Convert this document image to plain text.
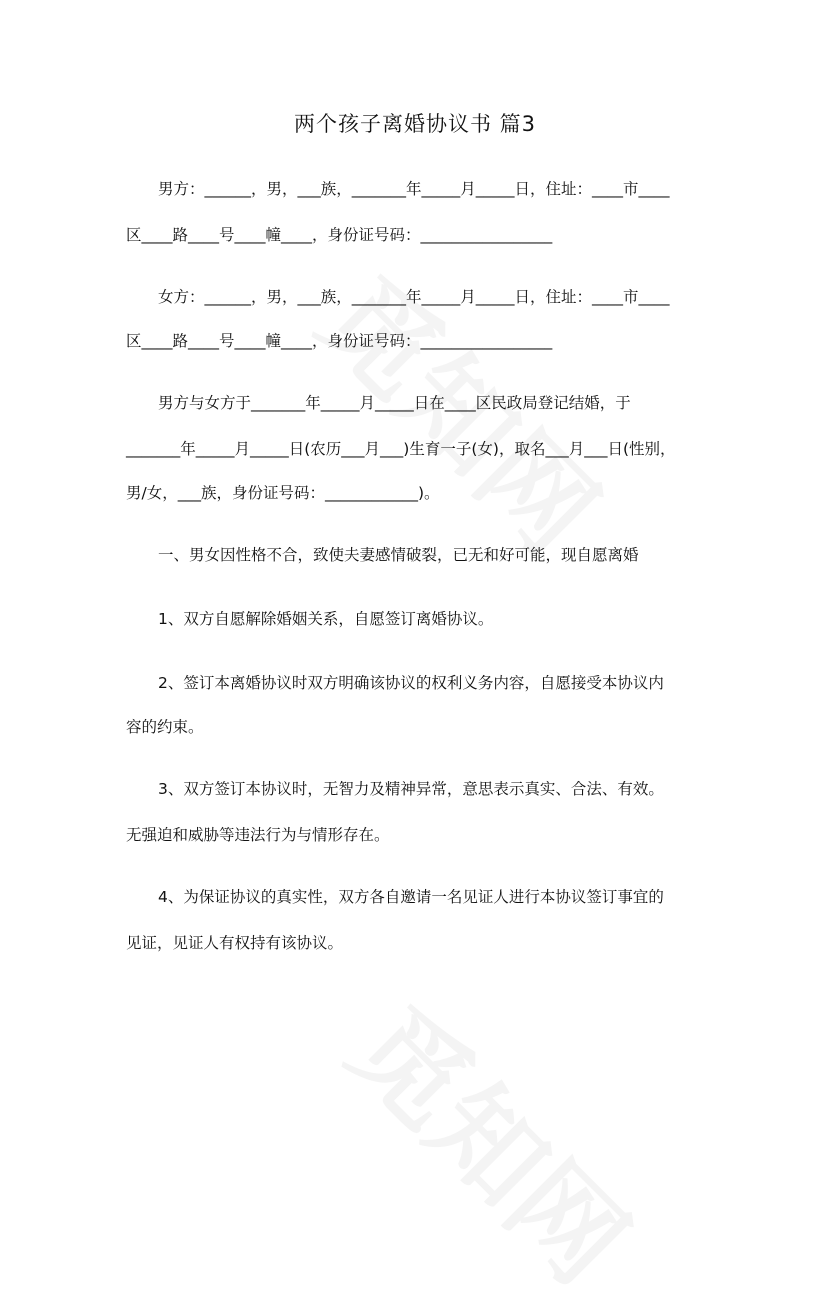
两个孩子离婚协议书 篇3
男方：______，男，___族，_______年_____月_____日，住址：____市____
区____路____号____幢____，身份证号码：_________________
女方：______，男，___族，_______年_____月_____日，住址：____市____
区____路____号____幢____，身份证号码：_________________
男方与女方于_______年_____月_____日在____区民政局登记结婚，于
_______年_____月_____日(农历___月___)生育一子(女)，取名___月___日(性别，
男/女，___族，身份证号码：____________)。
一、男女因性格不合，致使夫妻感情破裂，已无和好可能，现自愿离婚
1、双方自愿解除婚姻关系，自愿签订离婚协议。
2、签订本离婚协议时双方明确该协议的权利义务内容，自愿接受本协议内
容的约束。
3、双方签订本协议时，无智力及精神异常，意思表示真实、合法、有效。
无强迫和威胁等违法行为与情形存在。
4、为保证协议的真实性，双方各自邀请一名见证人进行本协议签订事宜的
见证，见证人有权持有该协议。
